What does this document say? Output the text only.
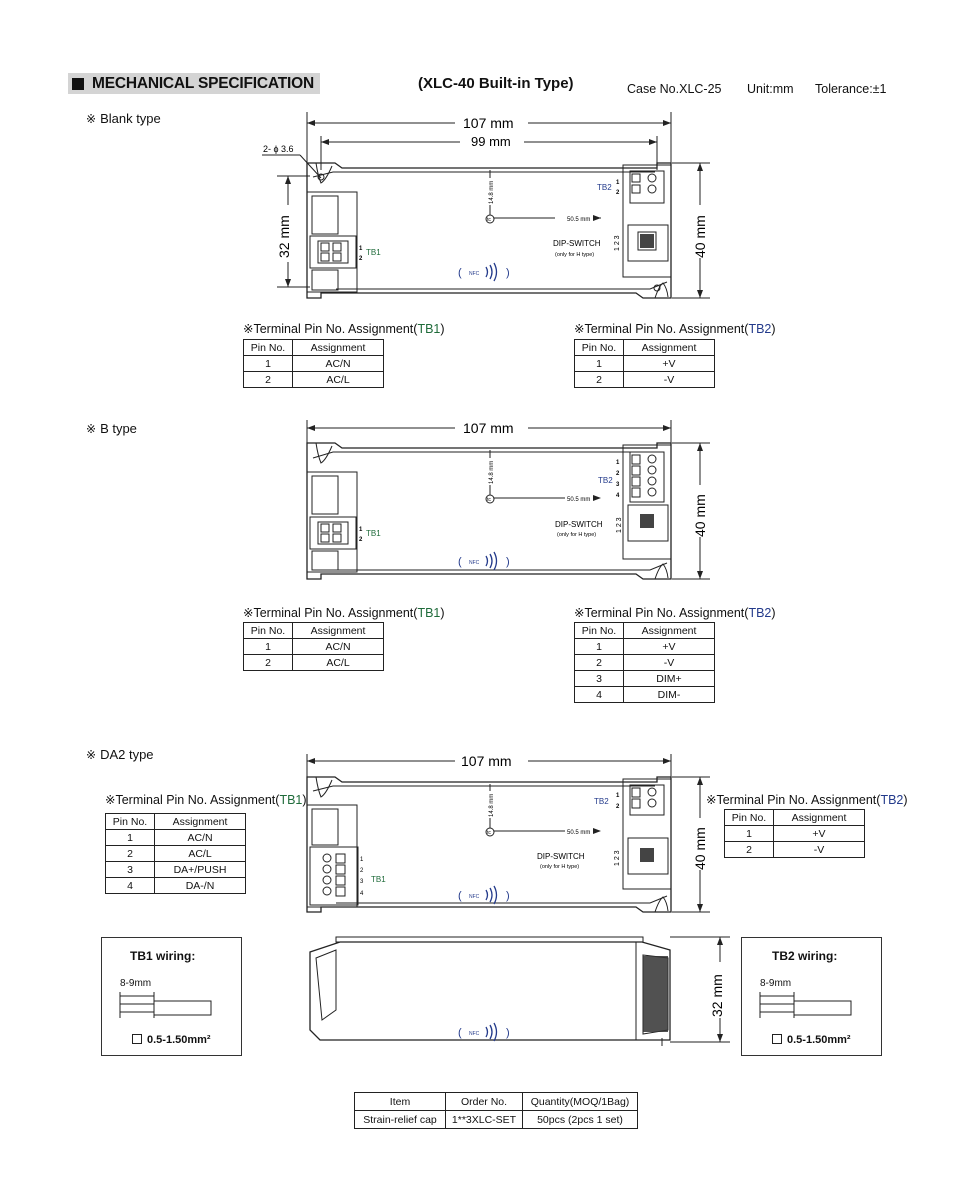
MECHANICAL SPECIFICATION	(XLC-40 Built-in Type)	Case No.XLC-25 Unit:mm Tolerance:±1
※ Blank type
(	)
107 mm
99 mm
2- ϕ 3.6
40 mm
32 mm
14.8 mm
50.5 mm
tc
TB2 1
2
TB1
1
2
DIP-SWITCH
(only for H type)
1 2 3
NFC
※Terminal Pin No. Assignment(TB1)
Pin No.	Assignment
1	AC/N
2	AC/L
※Terminal Pin No. Assignment(TB2)
Pin No.	Assignment
1	+V
2	-V
※ B type
(	)
107 mm
40 mm
14.8 mm
50.5 mm
tc
TB2
1
2
3
4
TB1
1
2
DIP-SWITCH
(only for H type)
1 2 3
NFC
※Terminal Pin No. Assignment(TB1)
Pin No.	Assignment
1	AC/N
2	AC/L
※Terminal Pin No. Assignment(TB2)
Pin No.	Assignment
1	+V
2	-V
3	DIM+
4	DIM-
※ DA2 type
(	)
107 mm
40 mm
14.8 mm
50.5 mm
tc
TB2
1
2
TB1
1
2
3
4
DIP-SWITCH
(only for H type)
1 2 3
NFC
※Terminal Pin No. Assignment(TB1)
Pin No.	Assignment
1	AC/N
2	AC/L
3	DA+/PUSH
4	DA-/N
※Terminal Pin No. Assignment(TB2)
Pin No.	Assignment
1	+V
2	-V
TB1 wiring:
8-9mm
0.5-1.50mm²
TB2 wiring:
8-9mm
0.5-1.50mm²
(	)
NFC
32 mm
Item	Order No.	Quantity(MOQ/1Bag)
Strain-relief cap	1**3XLC-SET	50pcs (2pcs 1 set)
